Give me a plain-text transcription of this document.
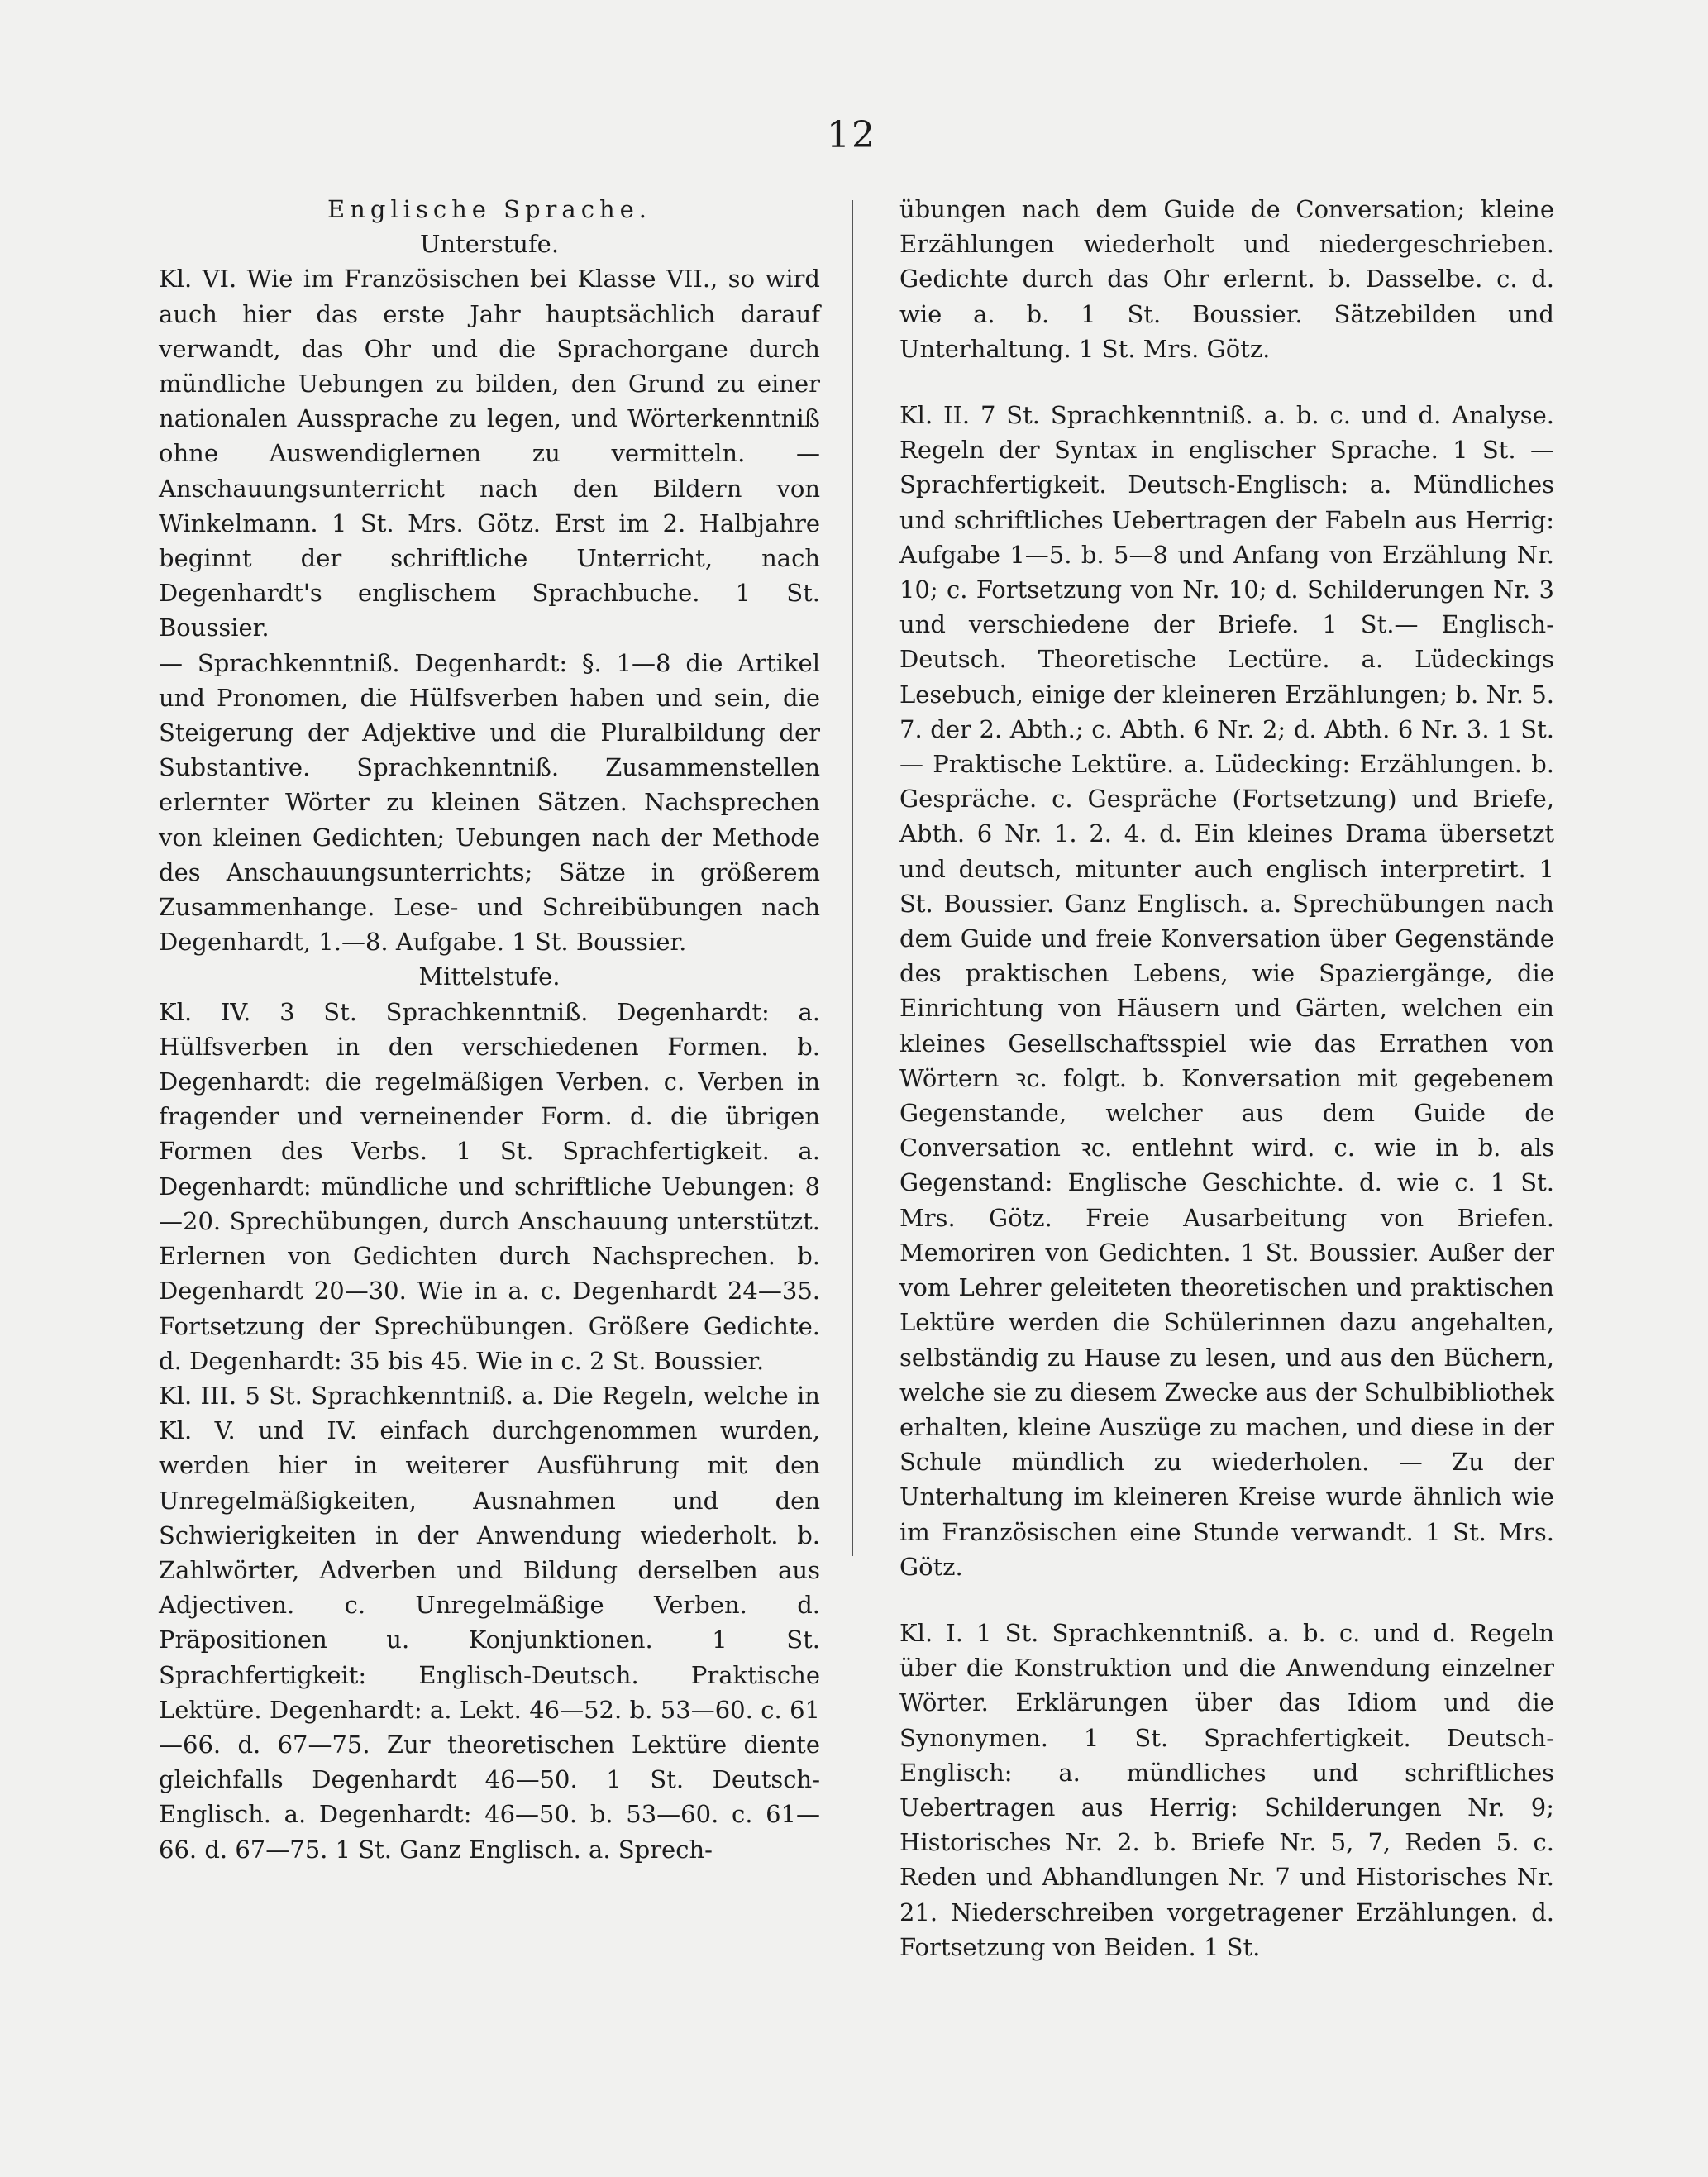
12

Englische Sprache.

Unterstufe.

Kl. VI. Wie im Französischen bei Klasse VII., so wird auch hier das erste Jahr hauptsächlich darauf verwandt, das Ohr und die Sprachorgane durch mündliche Uebungen zu bilden, den Grund zu einer nationalen Aussprache zu legen, und Wörterkenntniß ohne Auswendiglernen zu vermitteln. — Anschauungsunterricht nach den Bildern von Winkelmann. 1 St. Mrs. Götz. Erst im 2. Halbjahre beginnt der schriftliche Unterricht, nach Degenhardt's englischem Sprachbuche. 1 St. Boussier.

— Sprachkenntniß. Degenhardt: §. 1—8 die Artikel und Pronomen, die Hülfsverben haben und sein, die Steigerung der Adjektive und die Pluralbildung der Substantive. Sprachkenntniß. Zusammenstellen erlernter Wörter zu kleinen Sätzen. Nachsprechen von kleinen Gedichten; Uebungen nach der Methode des Anschauungsunterrichts; Sätze in größerem Zusammenhange. Lese- und Schreibübungen nach Degenhardt, 1.—8. Aufgabe. 1 St. Boussier.

Mittelstufe.

Kl. IV. 3 St. Sprachkenntniß. Degenhardt: a. Hülfsverben in den verschiedenen Formen. b. Degenhardt: die regelmäßigen Verben. c. Verben in fragender und verneinender Form. d. die übrigen Formen des Verbs. 1 St. Sprachfertigkeit. a. Degenhardt: mündliche und schriftliche Uebungen: 8—20. Sprechübungen, durch Anschauung unterstützt. Erlernen von Gedichten durch Nachsprechen. b. Degenhardt 20—30. Wie in a. c. Degenhardt 24—35. Fortsetzung der Sprechübungen. Größere Gedichte. d. Degenhardt: 35 bis 45. Wie in c. 2 St. Boussier.

Kl. III. 5 St. Sprachkenntniß. a. Die Regeln, welche in Kl. V. und IV. einfach durchgenommen wurden, werden hier in weiterer Ausführung mit den Unregelmäßigkeiten, Ausnahmen und den Schwierigkeiten in der Anwendung wiederholt. b. Zahlwörter, Adverben und Bildung derselben aus Adjectiven. c. Unregelmäßige Verben. d. Präpositionen u. Konjunktionen. 1 St. Sprachfertigkeit: Englisch-Deutsch. Praktische Lektüre. Degenhardt: a. Lekt. 46—52. b. 53—60. c. 61—66. d. 67—75. Zur theoretischen Lektüre diente gleichfalls Degenhardt 46—50. 1 St. Deutsch-Englisch. a. Degenhardt: 46—50. b. 53—60. c. 61—66. d. 67—75. 1 St. Ganz Englisch. a. Sprech-

übungen nach dem Guide de Conversation; kleine Erzählungen wiederholt und niedergeschrieben. Gedichte durch das Ohr erlernt. b. Dasselbe. c. d. wie a. b. 1 St. Boussier. Sätzebilden und Unterhaltung. 1 St. Mrs. Götz.

Kl. II. 7 St. Sprachkenntniß. a. b. c. und d. Analyse. Regeln der Syntax in englischer Sprache. 1 St. — Sprachfertigkeit. Deutsch-Englisch: a. Mündliches und schriftliches Uebertragen der Fabeln aus Herrig: Aufgabe 1—5. b. 5—8 und Anfang von Erzählung Nr. 10; c. Fortsetzung von Nr. 10; d. Schilderungen Nr. 3 und verschiedene der Briefe. 1 St.— Englisch-Deutsch. Theoretische Lectüre. a. Lüdeckings Lesebuch, einige der kleineren Erzählungen; b. Nr. 5. 7. der 2. Abth.; c. Abth. 6 Nr. 2; d. Abth. 6 Nr. 3. 1 St. — Praktische Lektüre. a. Lüdecking: Erzählungen. b. Gespräche. c. Gespräche (Fortsetzung) und Briefe, Abth. 6 Nr. 1. 2. 4. d. Ein kleines Drama übersetzt und deutsch, mitunter auch englisch interpretirt. 1 St. Boussier. Ganz Englisch. a. Sprechübungen nach dem Guide und freie Konversation über Gegenstände des praktischen Lebens, wie Spaziergänge, die Einrichtung von Häusern und Gärten, welchen ein kleines Gesellschaftsspiel wie das Errathen von Wörtern ꝛc. folgt. b. Konversation mit gegebenem Gegenstande, welcher aus dem Guide de Conversation ꝛc. entlehnt wird. c. wie in b. als Gegenstand: Englische Geschichte. d. wie c. 1 St. Mrs. Götz. Freie Ausarbeitung von Briefen. Memoriren von Gedichten. 1 St. Boussier. Außer der vom Lehrer geleiteten theoretischen und praktischen Lektüre werden die Schülerinnen dazu angehalten, selbständig zu Hause zu lesen, und aus den Büchern, welche sie zu diesem Zwecke aus der Schulbibliothek erhalten, kleine Auszüge zu machen, und diese in der Schule mündlich zu wiederholen. — Zu der Unterhaltung im kleineren Kreise wurde ähnlich wie im Französischen eine Stunde verwandt. 1 St. Mrs. Götz.

Kl. I. 1 St. Sprachkenntniß. a. b. c. und d. Regeln über die Konstruktion und die Anwendung einzelner Wörter. Erklärungen über das Idiom und die Synonymen. 1 St. Sprachfertigkeit. Deutsch-Englisch: a. mündliches und schriftliches Uebertragen aus Herrig: Schilderungen Nr. 9; Historisches Nr. 2. b. Briefe Nr. 5, 7, Reden 5. c. Reden und Abhandlungen Nr. 7 und Historisches Nr. 21. Niederschreiben vorgetragener Erzählungen. d. Fortsetzung von Beiden. 1 St.
